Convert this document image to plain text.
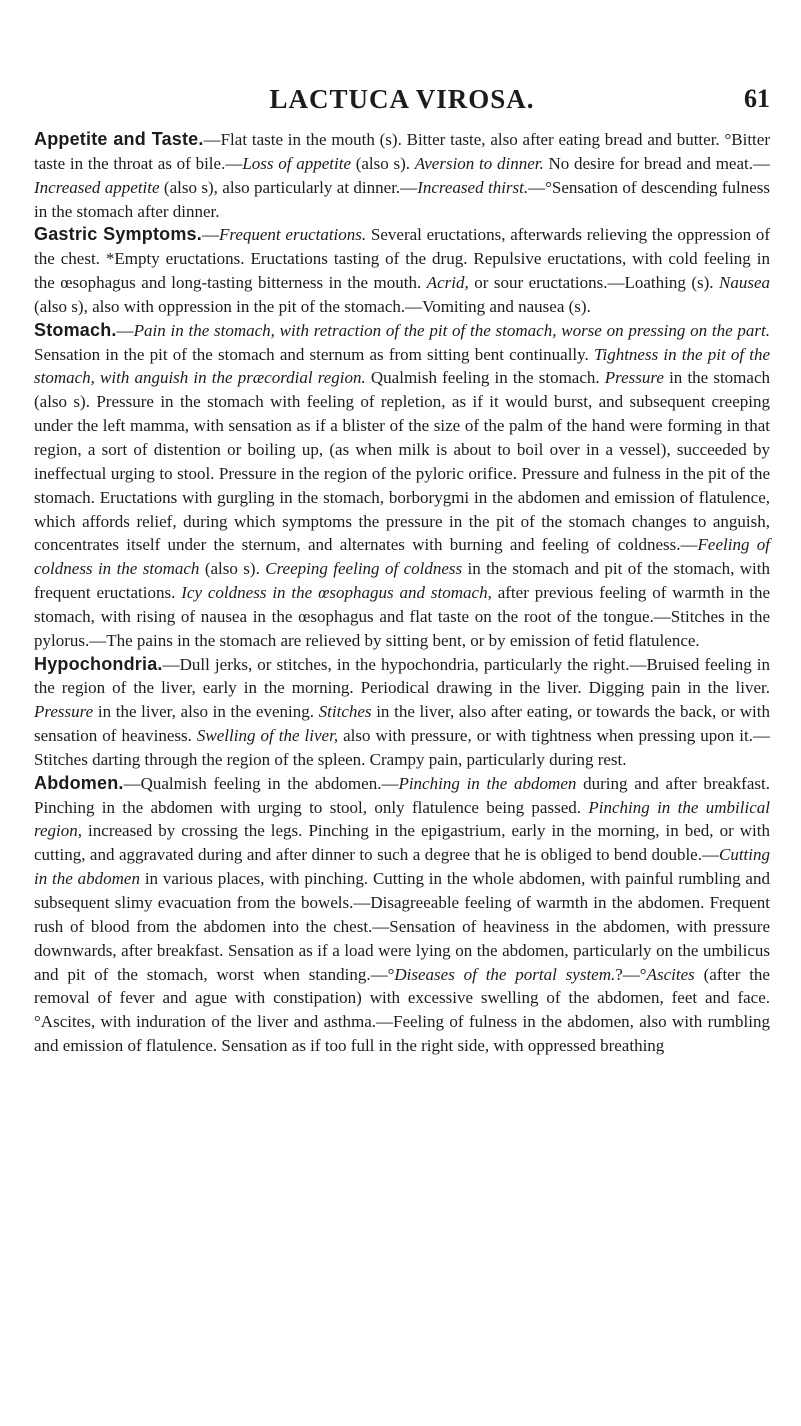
LACTUCA VIROSA.	61

Appetite and Taste.—Flat taste in the mouth (s). Bitter taste, also after eating bread and butter. °Bitter taste in the throat as of bile.—Loss of appetite (also s). Aversion to dinner. No desire for bread and meat.—Increased appetite (also s), also particularly at dinner.—Increased thirst.—°Sensation of descending fulness in the stomach after dinner.

Gastric Symptoms.—Frequent eructations. Several eructations, afterwards relieving the oppression of the chest. *Empty eructations. Eructations tasting of the drug. Repulsive eructations, with cold feeling in the œsophagus and long-tasting bitterness in the mouth. Acrid, or sour eructations.—Loathing (s). Nausea (also s), also with oppression in the pit of the stomach.—Vomiting and nausea (s).

Stomach.—Pain in the stomach, with retraction of the pit of the stomach, worse on pressing on the part. Sensation in the pit of the stomach and sternum as from sitting bent continually. Tightness in the pit of the stomach, with anguish in the præcordial region. Qualmish feeling in the stomach. Pressure in the stomach (also s). Pressure in the stomach with feeling of repletion, as if it would burst, and subsequent creeping under the left mamma, with sensation as if a blister of the size of the palm of the hand were forming in that region, a sort of distention or boiling up, (as when milk is about to boil over in a vessel), succeeded by ineffectual urging to stool. Pressure in the region of the pyloric orifice. Pressure and fulness in the pit of the stomach. Eructations with gurgling in the stomach, borborygmi in the abdomen and emission of flatulence, which affords relief, during which symptoms the pressure in the pit of the stomach changes to anguish, concentrates itself under the sternum, and alternates with burning and feeling of coldness.—Feeling of coldness in the stomach (also s). Creeping feeling of coldness in the stomach and pit of the stomach, with frequent eructations. Icy coldness in the œsophagus and stomach, after previous feeling of warmth in the stomach, with rising of nausea in the œsophagus and flat taste on the root of the tongue.—Stitches in the pylorus.—The pains in the stomach are relieved by sitting bent, or by emission of fetid flatulence.

Hypochondria.—Dull jerks, or stitches, in the hypochondria, particularly the right.—Bruised feeling in the region of the liver, early in the morning. Periodical drawing in the liver. Digging pain in the liver. Pressure in the liver, also in the evening. Stitches in the liver, also after eating, or towards the back, or with sensation of heaviness. Swelling of the liver, also with pressure, or with tightness when pressing upon it.—Stitches darting through the region of the spleen. Crampy pain, particularly during rest.

Abdomen.—Qualmish feeling in the abdomen.—Pinching in the abdomen during and after breakfast. Pinching in the abdomen with urging to stool, only flatulence being passed. Pinching in the umbilical region, increased by crossing the legs. Pinching in the epigastrium, early in the morning, in bed, or with cutting, and aggravated during and after dinner to such a degree that he is obliged to bend double.—Cutting in the abdomen in various places, with pinching. Cutting in the whole abdomen, with painful rumbling and subsequent slimy evacuation from the bowels.—Disagreeable feeling of warmth in the abdomen. Frequent rush of blood from the abdomen into the chest.—Sensation of heaviness in the abdomen, with pressure downwards, after breakfast. Sensation as if a load were lying on the abdomen, particularly on the umbilicus and pit of the stomach, worst when standing.—°Diseases of the portal system.?—°Ascites (after the removal of fever and ague with constipation) with excessive swelling of the abdomen, feet and face. °Ascites, with induration of the liver and asthma.—Feeling of fulness in the abdomen, also with rumbling and emission of flatulence. Sensation as if too full in the right side, with oppressed breathing
